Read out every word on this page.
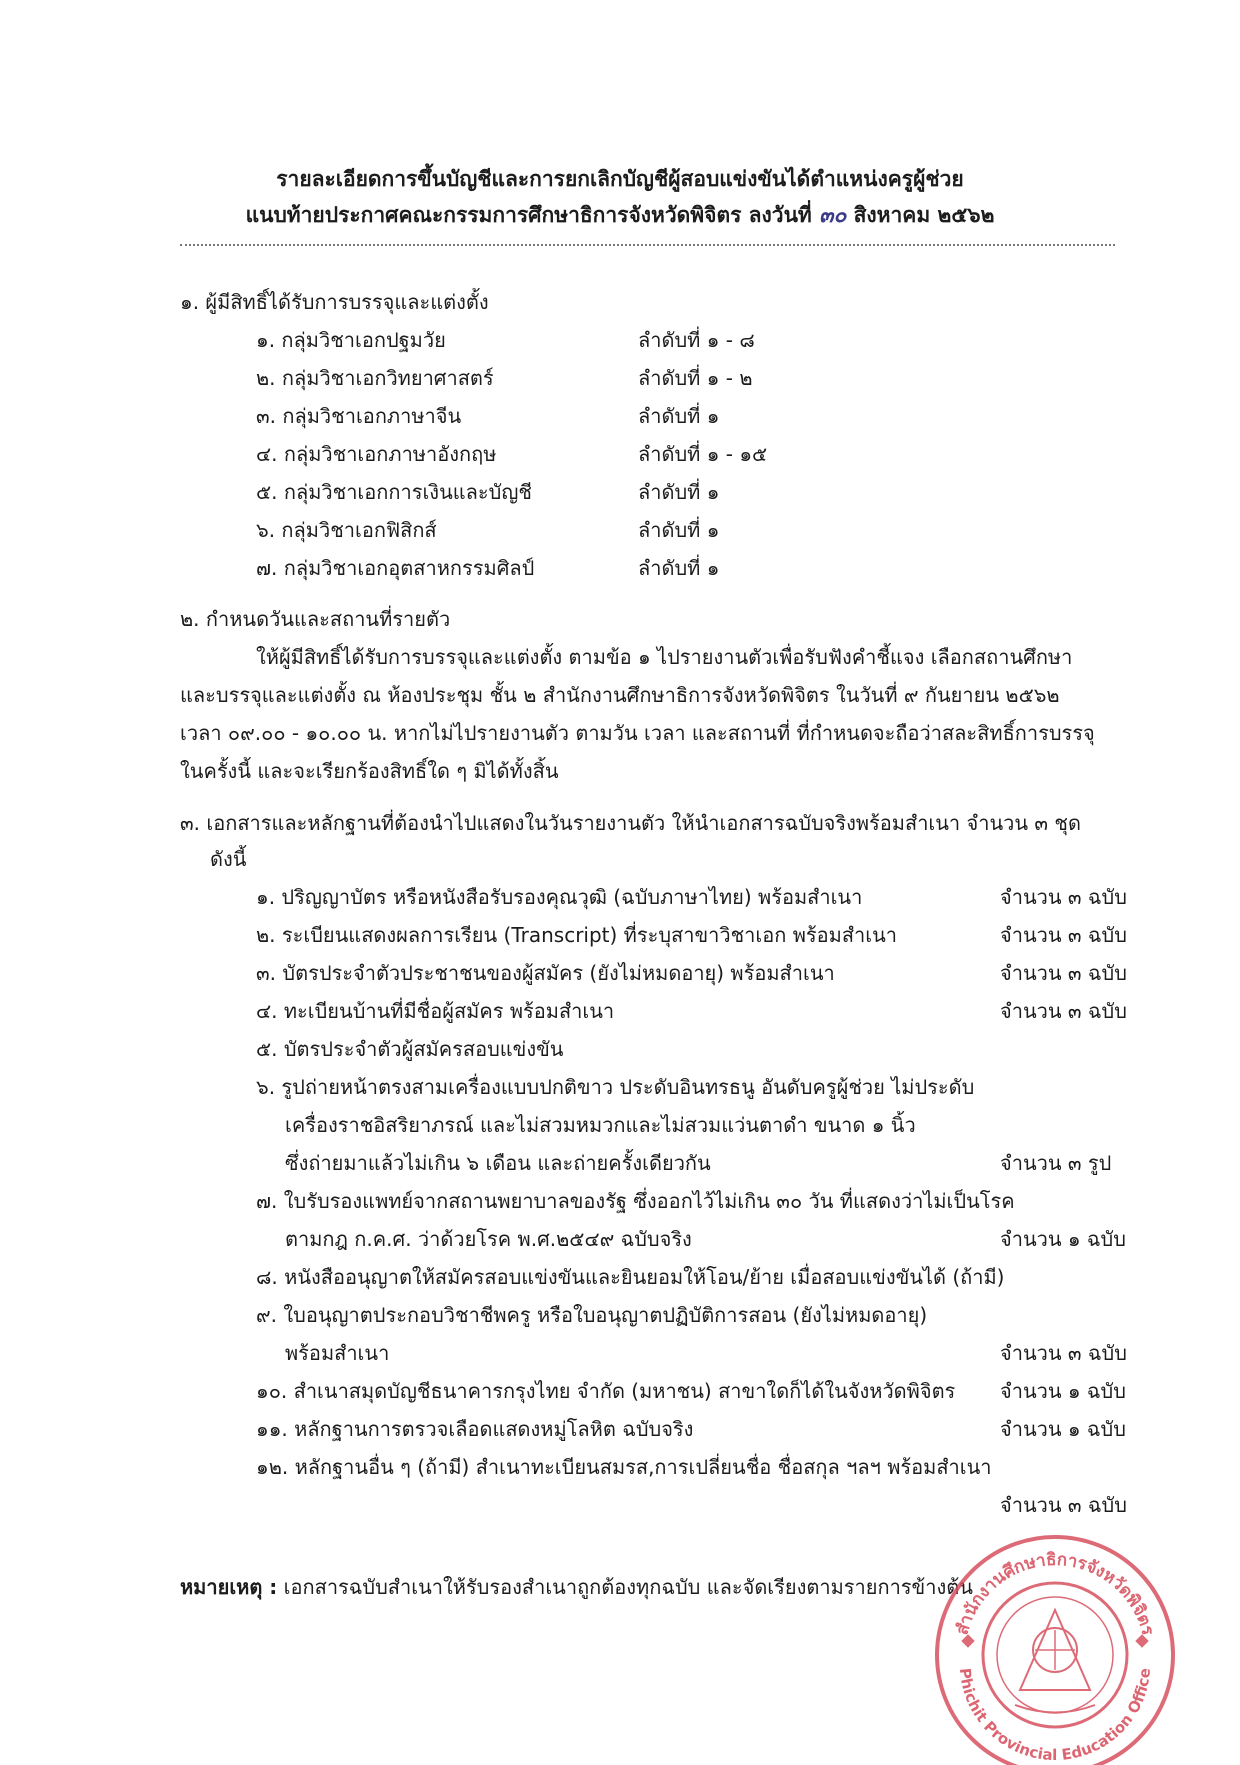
รายละเอียดการขึ้นบัญชีและการยกเลิกบัญชีผู้สอบแข่งขันได้ตำแหน่งครูผู้ช่วย
แนบท้ายประกาศคณะกรรมการศึกษาธิการจังหวัดพิจิตร ลงวันที่ ๓๐ สิงหาคม ๒๕๖๒
๑. ผู้มีสิทธิ์ได้รับการบรรจุและแต่งตั้ง
๑. กลุ่มวิชาเอกปฐมวัย	ลำดับที่ ๑ - ๘
๒. กลุ่มวิชาเอกวิทยาศาสตร์	ลำดับที่ ๑ - ๒
๓. กลุ่มวิชาเอกภาษาจีน	ลำดับที่ ๑
๔. กลุ่มวิชาเอกภาษาอังกฤษ	ลำดับที่ ๑ - ๑๕
๕. กลุ่มวิชาเอกการเงินและบัญชี	ลำดับที่ ๑
๖. กลุ่มวิชาเอกฟิสิกส์	ลำดับที่ ๑
๗. กลุ่มวิชาเอกอุตสาหกรรมศิลป์	ลำดับที่ ๑
๒. กำหนดวันและสถานที่รายตัว
ให้ผู้มีสิทธิ์ได้รับการบรรจุและแต่งตั้ง ตามข้อ ๑ ไปรายงานตัวเพื่อรับฟังคำชี้แจง เลือกสถานศึกษา
และบรรจุและแต่งตั้ง ณ ห้องประชุม ชั้น ๒ สำนักงานศึกษาธิการจังหวัดพิจิตร ในวันที่ ๙ กันยายน ๒๕๖๒
เวลา ๐๙.๐๐ - ๑๐.๐๐ น. หากไม่ไปรายงานตัว ตามวัน เวลา และสถานที่ ที่กำหนดจะถือว่าสละสิทธิ์การบรรจุ
ในครั้งนี้ และจะเรียกร้องสิทธิ์ใด ๆ มิได้ทั้งสิ้น
๓. เอกสารและหลักฐานที่ต้องนำไปแสดงในวันรายงานตัว ให้นำเอกสารฉบับจริงพร้อมสำเนา จำนวน ๓ ชุด
ดังนี้
๑. ปริญญาบัตร หรือหนังสือรับรองคุณวุฒิ (ฉบับภาษาไทย) พร้อมสำเนา	จำนวน ๓ ฉบับ
๒. ระเบียนแสดงผลการเรียน (Transcript) ที่ระบุสาขาวิชาเอก พร้อมสำเนา	จำนวน ๓ ฉบับ
๓. บัตรประจำตัวประชาชนของผู้สมัคร (ยังไม่หมดอายุ) พร้อมสำเนา	จำนวน ๓ ฉบับ
๔. ทะเบียนบ้านที่มีชื่อผู้สมัคร พร้อมสำเนา	จำนวน ๓ ฉบับ
๕. บัตรประจำตัวผู้สมัครสอบแข่งขัน
๖. รูปถ่ายหน้าตรงสามเครื่องแบบปกติขาว ประดับอินทรธนู อันดับครูผู้ช่วย ไม่ประดับ
เครื่องราชอิสริยาภรณ์ และไม่สวมหมวกและไม่สวมแว่นตาดำ ขนาด ๑ นิ้ว
ซึ่งถ่ายมาแล้วไม่เกิน ๖ เดือน และถ่ายครั้งเดียวกัน	จำนวน ๓ รูป
๗. ใบรับรองแพทย์จากสถานพยาบาลของรัฐ ซึ่งออกไว้ไม่เกิน ๓๐ วัน ที่แสดงว่าไม่เป็นโรค
ตามกฎ ก.ค.ศ. ว่าด้วยโรค พ.ศ.๒๕๔๙ ฉบับจริง	จำนวน ๑ ฉบับ
๘. หนังสืออนุญาตให้สมัครสอบแข่งขันและยินยอมให้โอน/ย้าย เมื่อสอบแข่งขันได้ (ถ้ามี)
๙. ใบอนุญาตประกอบวิชาชีพครู หรือใบอนุญาตปฏิบัติการสอน (ยังไม่หมดอายุ)
พร้อมสำเนา	จำนวน ๓ ฉบับ
๑๐. สำเนาสมุดบัญชีธนาคารกรุงไทย จำกัด (มหาชน) สาขาใดก็ได้ในจังหวัดพิจิตร จำนวน ๑ ฉบับ
๑๑. หลักฐานการตรวจเลือดแสดงหมู่โลหิต ฉบับจริง	จำนวน ๑ ฉบับ
๑๒. หลักฐานอื่น ๆ (ถ้ามี) สำเนาทะเบียนสมรส,การเปลี่ยนชื่อ ชื่อสกุล ฯลฯ พร้อมสำเนา
จำนวน ๓ ฉบับ
หมายเหตุ : เอกสารฉบับสำเนาให้รับรองสำเนาถูกต้องทุกฉบับ และจัดเรียงตามรายการข้างต้น
สำนักงานศึกษาธิการจังหวัดพิจิตร
Phichit Provincial Education Office
